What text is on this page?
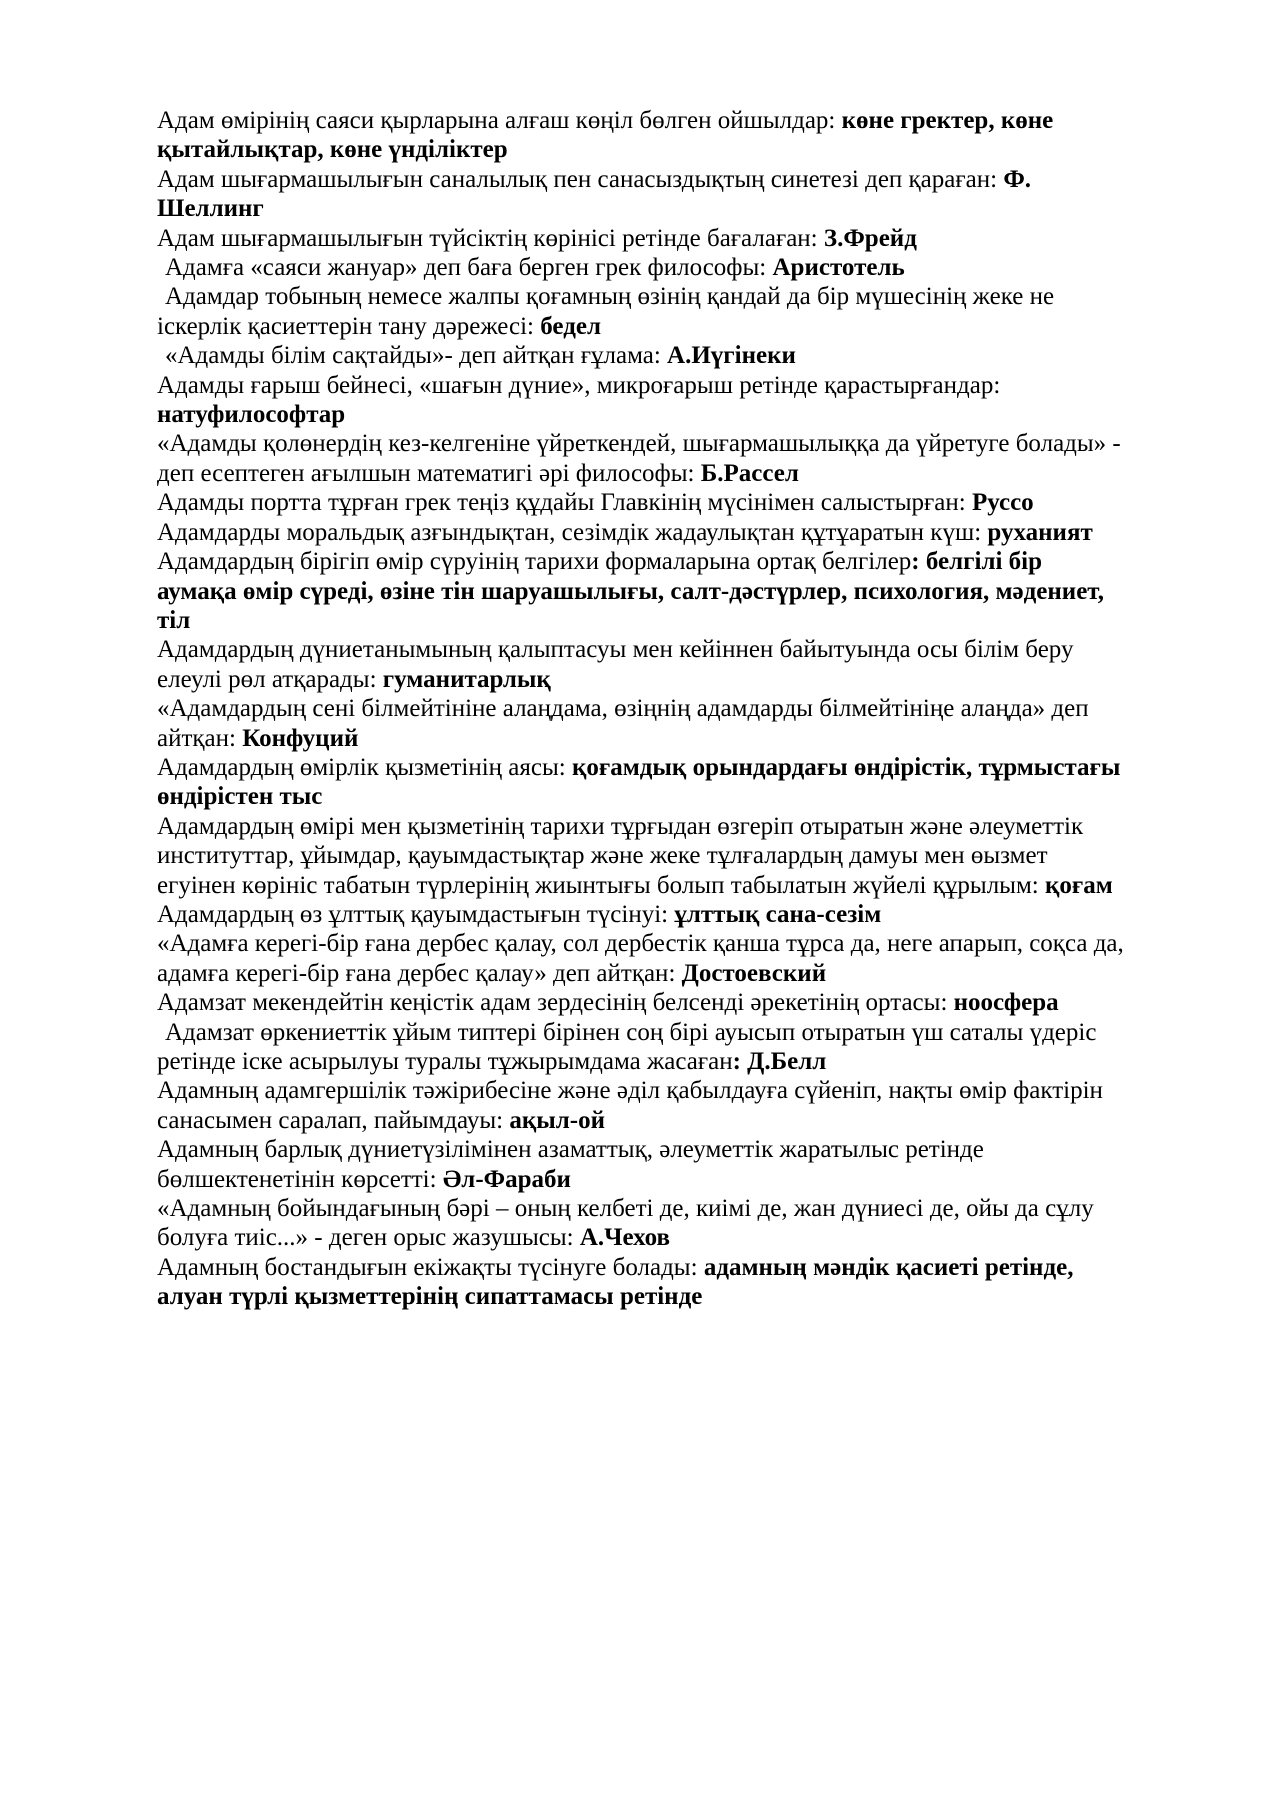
Адам өмірінің саяси қырларына алғаш көңіл бөлген ойшылдар: көне гректер, көне қытайлықтар, көне үнділіктер

Адам шығармашылығын саналылық пен санасыздықтың синетезі деп қараған: Ф. Шеллинг

Адам шығармашылығын түйсіктің көрінісі ретінде бағалаған: З.Фрейд

Адамға «саяси жануар» деп баға берген грек философы: Аристотель

Адамдар тобының немесе жалпы қоғамның өзінің қандай да бір мүшесінің жеке не іскерлік қасиеттерін тану дәрежесі: бедел

«Адамды білім сақтайды»- деп айтқан ғұлама: А.Иүгінеки

Адамды ғарыш бейнесі, «шағын дүние», микроғарыш ретінде қарастырғандар: натуфилософтар

«Адамды қолөнердің кез-келгеніне үйреткендей, шығармашылыққа да үйретуге болады» - деп есептеген ағылшын математигі әрі философы: Б.Рассел

Адамды портта тұрған грек теңіз құдайы Главкінің мүсінімен салыстырған: Руссо

Адамдарды моральдық азғындықтан, сезімдік жадаулықтан құтұаратын күш: руханият

Адамдардың бірігіп өмір сүруінің тарихи формаларына ортақ белгілер: белгілі бір аумақа өмір сүреді, өзіне тін шаруашылығы, салт-дәстүрлер, психология, мәдениет, тіл

Адамдардың дүниетанымының қалыптасуы мен кейіннен байытуында осы білім беру елеулі рөл атқарады: гуманитарлық

«Адамдардың сені білмейтініне алаңдама, өзіңнің адамдарды білмейтініңе алаңда» деп айтқан: Конфуций

Адамдардың өмірлік қызметінің аясы: қоғамдық орындардағы өндірістік, тұрмыстағы өндірістен тыс

Адамдардың өмірі мен қызметінің тарихи тұрғыдан өзгеріп отыратын және әлеуметтік институттар, ұйымдар, қауымдастықтар және жеке тұлғалардың дамуы мен өызмет егуінен көрініс табатын түрлерінің жиынтығы болып табылатын жүйелі құрылым: қоғам

Адамдардың өз ұлттық қауымдастығын түсінуі: ұлттық сана-сезім

«Адамға керегі-бір ғана дербес қалау, сол дербестік қанша тұрса да, неге апарып, соқса да, адамға керегі-бір ғана дербес қалау» деп айтқан: Достоевский

Адамзат мекендейтін кеңістік адам зердесінің белсенді әрекетінің ортасы: ноосфера

Адамзат өркениеттік ұйым типтері бірінен соң бірі ауысып отыратын үш саталы үдеріс ретінде іске асырылуы туралы тұжырымдама жасаған: Д.Белл

Адамның адамгершілік тәжірибесіне және әділ қабылдауға сүйеніп, нақты өмір фактірін санасымен саралап, пайымдауы: ақыл-ой

Адамның барлық дүниетүзілімінен азаматтық, әлеуметтік жаратылыс ретінде бөлшектенетінін көрсетті: Әл-Фараби

«Адамның бойындағының бәрі – оның келбеті де, киімі де, жан дүниесі де, ойы да сұлу болуға тиіс...» - деген орыс жазушысы: А.Чехов

Адамның бостандығын екіжақты түсінуге болады: адамның мәндік қасиеті ретінде, алуан түрлі қызметтерінің сипаттамасы ретінде
